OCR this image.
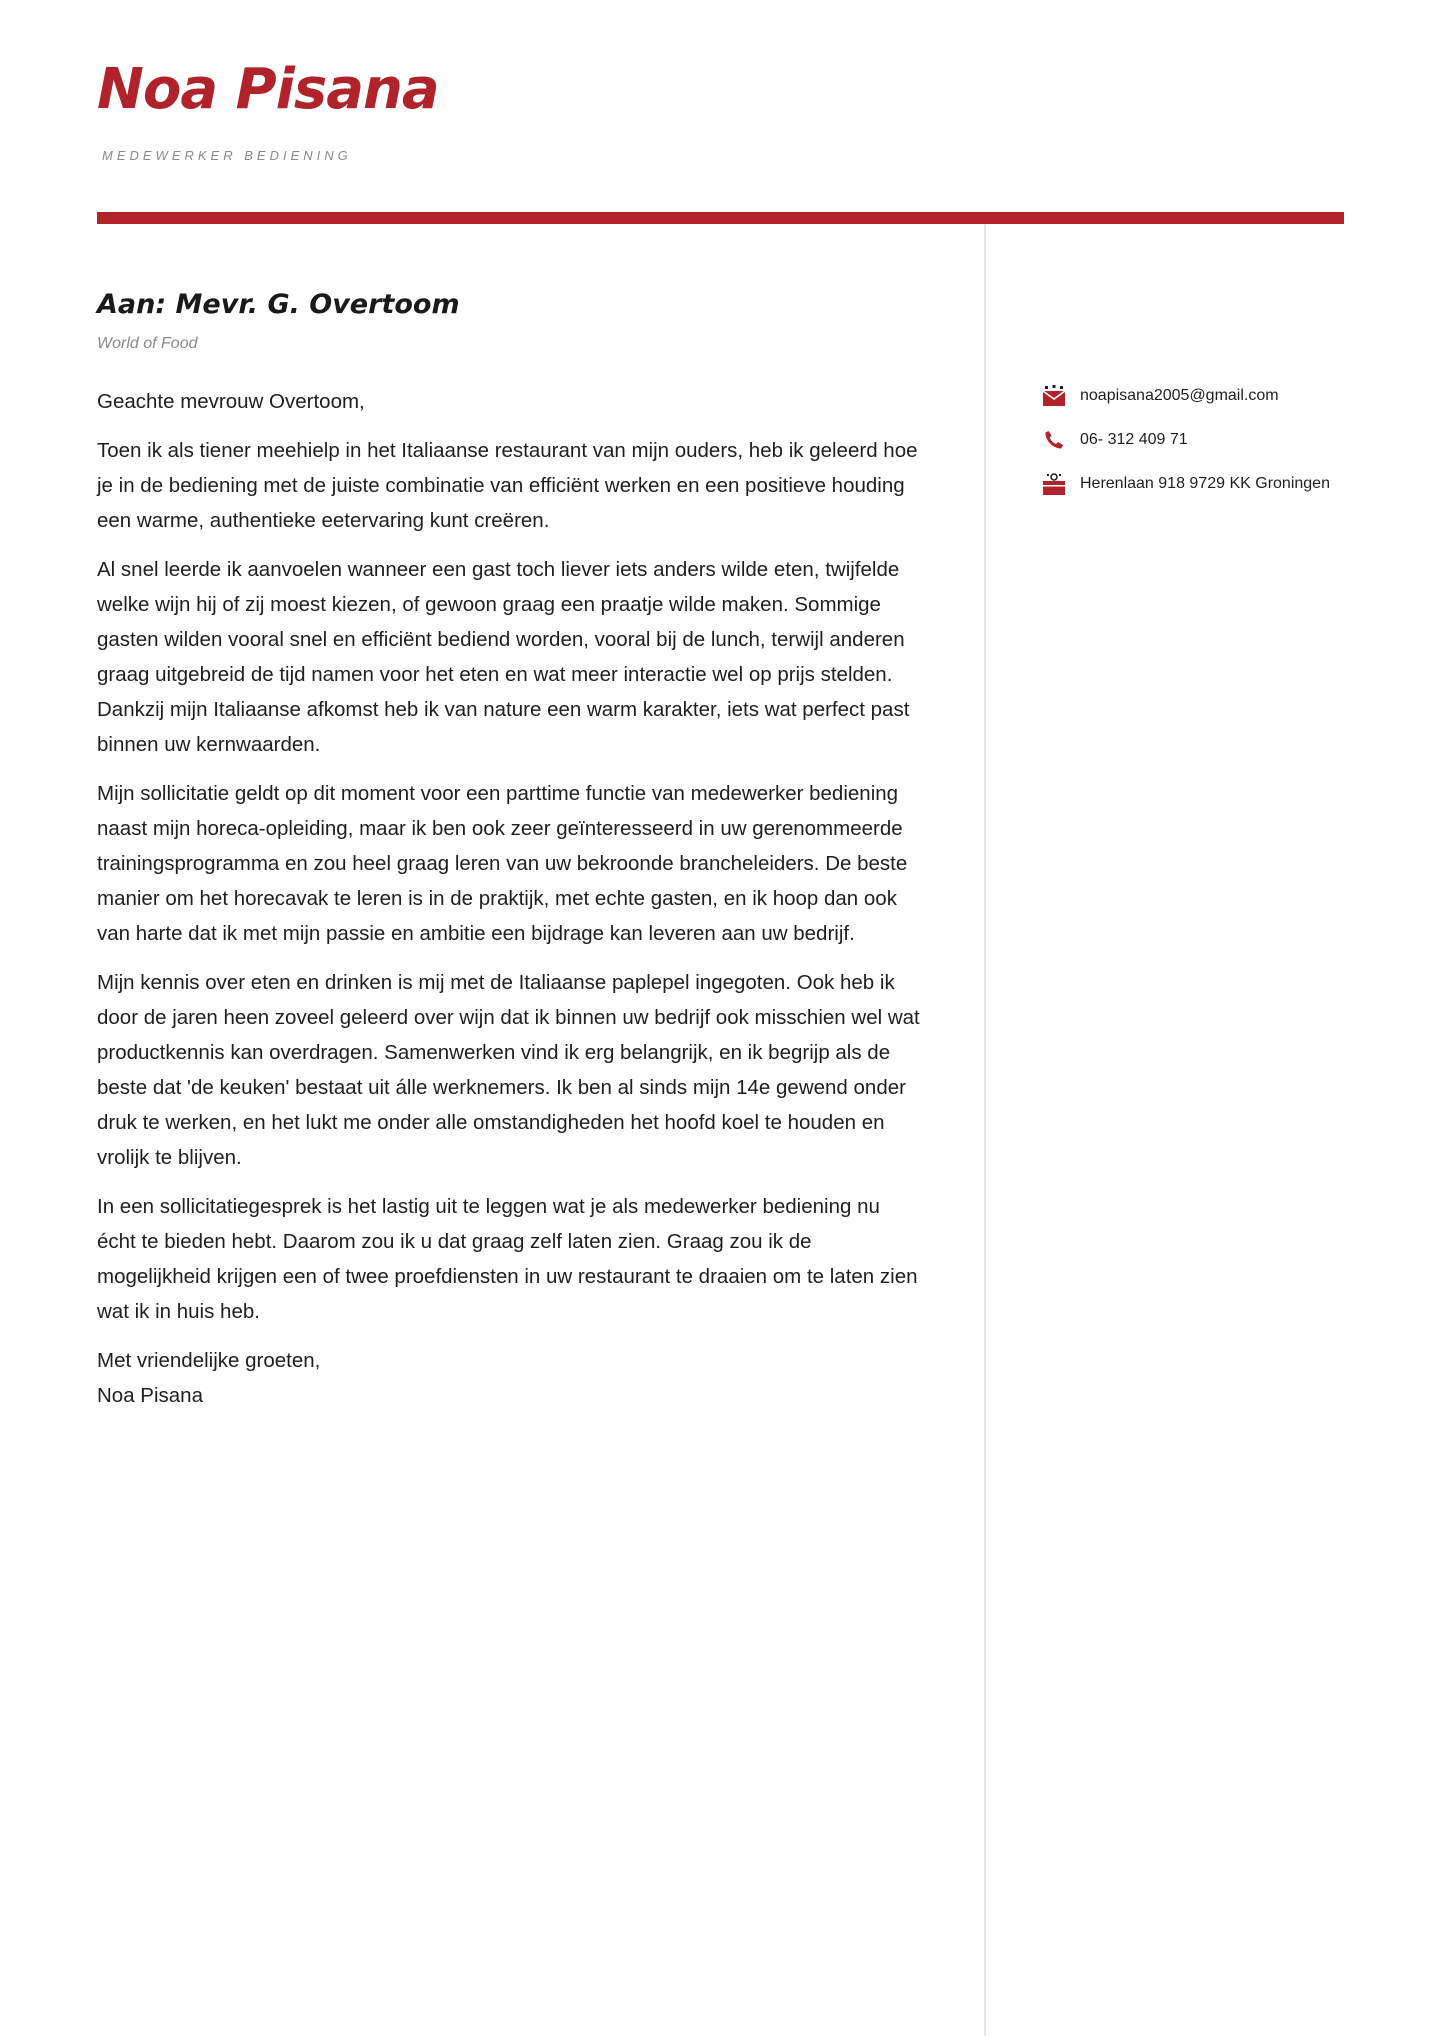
Noa Pisana
MEDEWERKER BEDIENING
Aan: Mevr. G. Overtoom
World of Food

Geachte mevrouw Overtoom,

Toen ik als tiener meehielp in het Italiaanse restaurant van mijn ouders, heb ik geleerd hoe je in de bediening met de juiste combinatie van efficiënt werken en een positieve houding een warme, authentieke eetervaring kunt creëren.

Al snel leerde ik aanvoelen wanneer een gast toch liever iets anders wilde eten, twijfelde welke wijn hij of zij moest kiezen, of gewoon graag een praatje wilde maken. Sommige gasten wilden vooral snel en efficiënt bediend worden, vooral bij de lunch, terwijl anderen graag uitgebreid de tijd namen voor het eten en wat meer interactie wel op prijs stelden. Dankzij mijn Italiaanse afkomst heb ik van nature een warm karakter, iets wat perfect past binnen uw kernwaarden.

Mijn sollicitatie geldt op dit moment voor een parttime functie van medewerker bediening naast mijn horeca-opleiding, maar ik ben ook zeer geïnteresseerd in uw gerenommeerde trainingsprogramma en zou heel graag leren van uw bekroonde brancheleiders. De beste manier om het horecavak te leren is in de praktijk, met echte gasten, en ik hoop dan ook van harte dat ik met mijn passie en ambitie een bijdrage kan leveren aan uw bedrijf.

Mijn kennis over eten en drinken is mij met de Italiaanse paplepel ingegoten. Ook heb ik door de jaren heen zoveel geleerd over wijn dat ik binnen uw bedrijf ook misschien wel wat productkennis kan overdragen. Samenwerken vind ik erg belangrijk, en ik begrijp als de beste dat 'de keuken' bestaat uit álle werknemers. Ik ben al sinds mijn 14e gewend onder druk te werken, en het lukt me onder alle omstandigheden het hoofd koel te houden en vrolijk te blijven.

In een sollicitatiegesprek is het lastig uit te leggen wat je als medewerker bediening nu écht te bieden hebt. Daarom zou ik u dat graag zelf laten zien. Graag zou ik de mogelijkheid krijgen een of twee proefdiensten in uw restaurant te draaien om te laten zien wat ik in huis heb.

Met vriendelijke groeten,
Noa Pisana
noapisana2005@gmail.com
06- 312 409 71
Herenlaan 918 9729 KK Groningen
